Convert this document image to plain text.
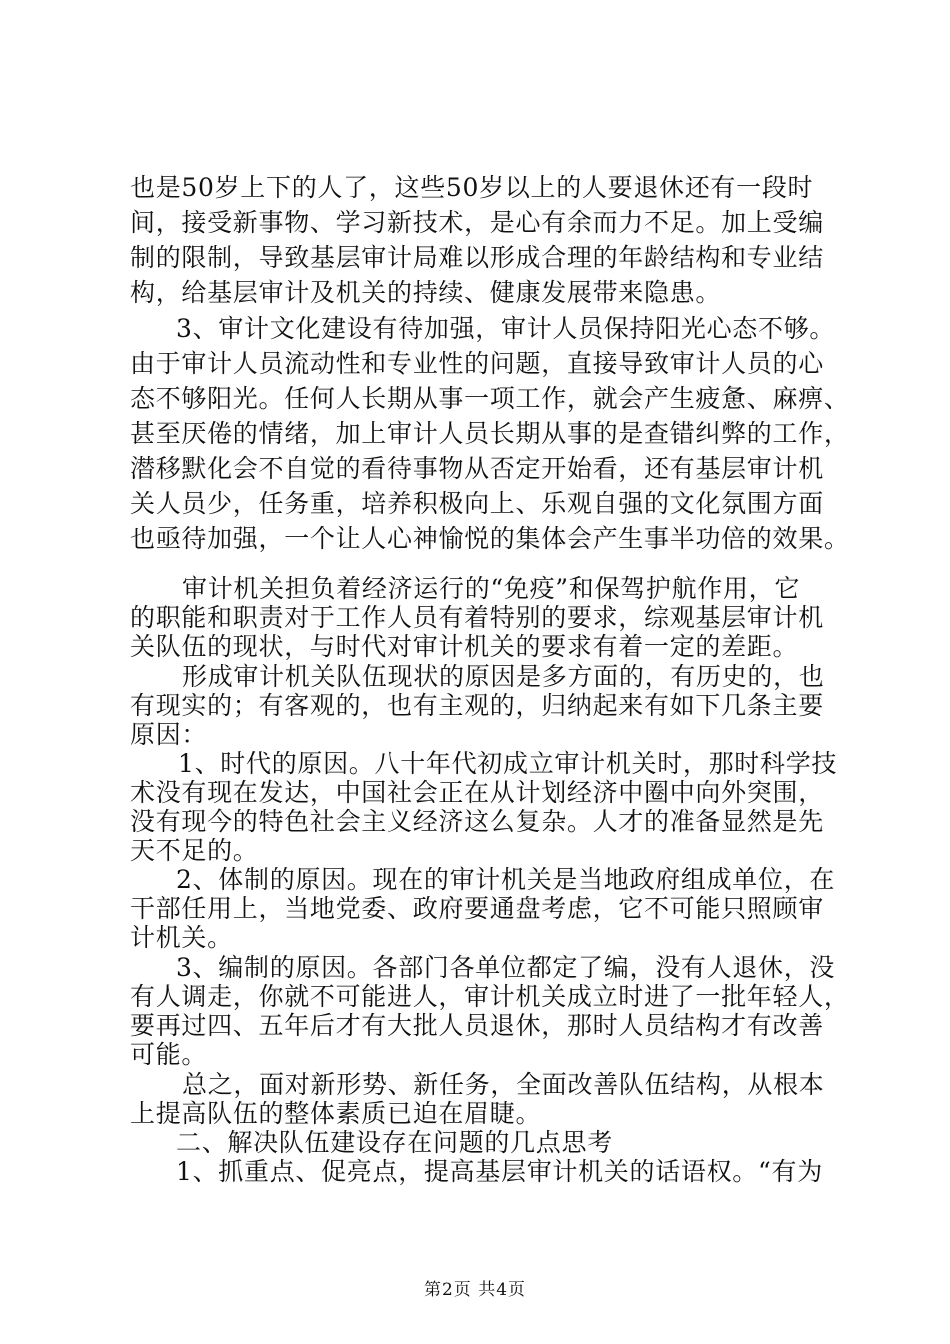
也是50岁上下的人了，这些50岁以上的人要退休还有一段时
间，接受新事物、学习新技术，是心有余而力不足。加上受编
制的限制，导致基层审计局难以形成合理的年龄结构和专业结
构，给基层审计及机关的持续、健康发展带来隐患。
3、审计文化建设有待加强，审计人员保持阳光心态不够。
由于审计人员流动性和专业性的问题，直接导致审计人员的心
态不够阳光。任何人长期从事一项工作，就会产生疲惫、麻痹、
甚至厌倦的情绪，加上审计人员长期从事的是查错纠弊的工作，
潜移默化会不自觉的看待事物从否定开始看，还有基层审计机
关人员少，任务重，培养积极向上、乐观自强的文化氛围方面
也亟待加强，一个让人心神愉悦的集体会产生事半功倍的效果。
审计机关担负着经济运行的“免疫”和保驾护航作用，它
的职能和职责对于工作人员有着特别的要求，综观基层审计机
关队伍的现状，与时代对审计机关的要求有着一定的差距。
形成审计机关队伍现状的原因是多方面的，有历史的，也
有现实的；有客观的，也有主观的，归纳起来有如下几条主要
原因：
1、时代的原因。八十年代初成立审计机关时，那时科学技
术没有现在发达，中国社会正在从计划经济中圈中向外突围，
没有现今的特色社会主义经济这么复杂。人才的准备显然是先
天不足的。
2、体制的原因。现在的审计机关是当地政府组成单位，在
干部任用上，当地党委、政府要通盘考虑，它不可能只照顾审
计机关。
3、编制的原因。各部门各单位都定了编，没有人退休，没
有人调走，你就不可能进人，审计机关成立时进了一批年轻人，
要再过四、五年后才有大批人员退休，那时人员结构才有改善
可能。
总之，面对新形势、新任务，全面改善队伍结构，从根本
上提高队伍的整体素质已迫在眉睫。
二、解决队伍建设存在问题的几点思考
1、抓重点、促亮点，提高基层审计机关的话语权。“有为
第2页 共4页
